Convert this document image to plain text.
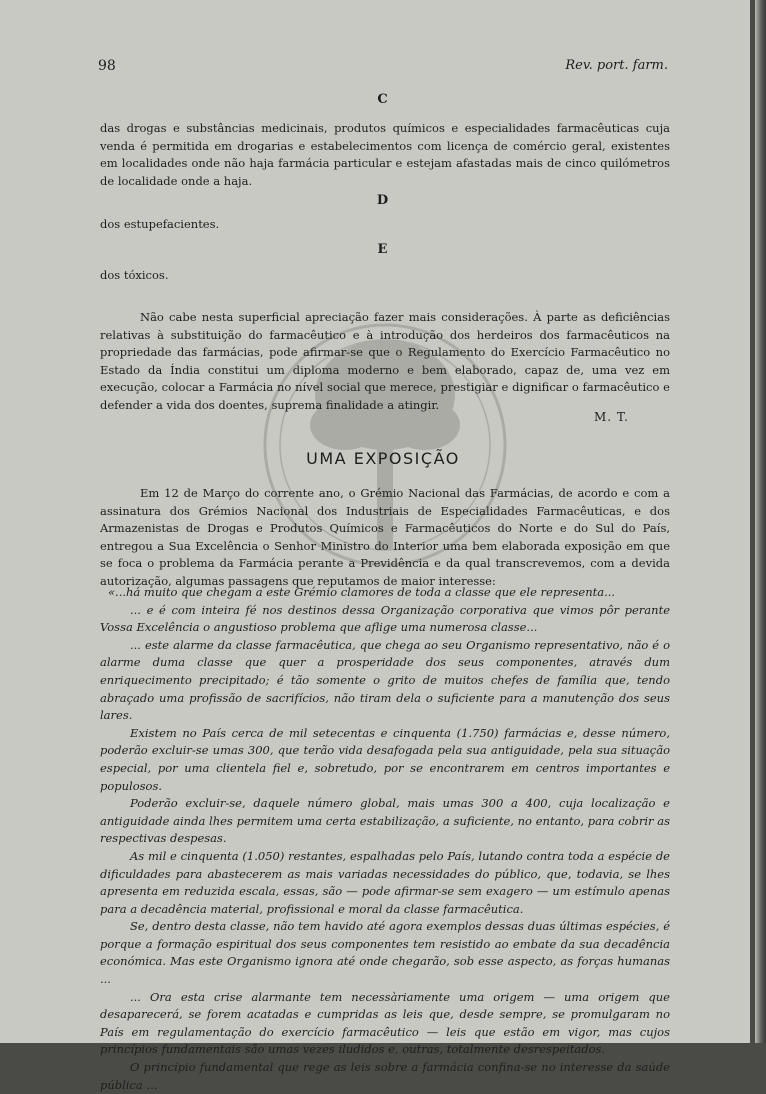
98	Rev. port. farm.
C
das drogas e substâncias medicinais, produtos químicos e especialidades farmacêuticas cuja venda é permitida em drogarias e estabelecimentos com licença de comércio geral, existentes em localidades onde não haja farmácia particular e estejam afastadas mais de cinco quilómetros de localidade onde a haja.
D
dos estupefacientes.
E
dos tóxicos.
Não cabe nesta superficial apreciação fazer mais considerações. À parte as deficiências relativas à substituição do farmacêutico e à introdução dos herdeiros dos farmacêuticos na propriedade das farmácias, pode afirmar-se que o Regulamento do Exercício Farmacêutico no Estado da Índia constitui um diploma moderno e bem elaborado, capaz de, uma vez em execução, colocar a Farmácia no nível social que merece, prestigiar e dignificar o farmacêutico e defender a vida dos doentes, suprema finalidade a atingir.
M. T.
UMA EXPOSIÇÃO
Em 12 de Março do corrente ano, o Grémio Nacional das Farmácias, de acordo e com a assinatura dos Grémios Nacional dos Industriais de Especialidades Farmacêuticas, e dos Armazenistas de Drogas e Produtos Químicos e Farmacêuticos do Norte e do Sul do País, entregou a Sua Excelência o Senhor Ministro do Interior uma bem elaborada exposição em que se foca o problema da Farmácia perante a Previdência e da qual transcrevemos, com a devida autorização, algumas passagens que reputamos de maior interesse:

«...há muito que chegam a este Grémio clamores de toda a classe que ele representa...

... e é com inteira fé nos destinos dessa Organização corporativa que vimos pôr perante Vossa Excelência o angustioso problema que aflige uma numerosa classe...

... este alarme da classe farmacêutica, que chega ao seu Organismo representativo, não é o alarme duma classe que quer a prosperidade dos seus componentes, através dum enriquecimento precipitado; é tão somente o grito de muitos chefes de família que, tendo abraçado uma profissão de sacrifícios, não tiram dela o suficiente para a manutenção dos seus lares.

Existem no País cerca de mil setecentas e cinquenta (1.750) farmácias e, desse número, poderão excluir-se umas 300, que terão vida desafogada pela sua antiguidade, pela sua situação especial, por uma clientela fiel e, sobretudo, por se encontrarem em centros importantes e populosos.

Poderão excluir-se, daquele número global, mais umas 300 a 400, cuja localização e antiguidade ainda lhes permitem uma certa estabilização, a suficiente, no entanto, para cobrir as respectivas despesas.

As mil e cinquenta (1.050) restantes, espalhadas pelo País, lutando contra toda a espécie de dificuldades para abastecerem as mais variadas necessidades do público, que, todavia, se lhes apresenta em reduzida escala, essas, são — pode afirmar-se sem exagero — um estímulo apenas para a decadência material, profissional e moral da classe farmacêutica.

Se, dentro desta classe, não tem havido até agora exemplos dessas duas últimas espécies, é porque a formação espiritual dos seus componentes tem resistido ao embate da sua decadência económica. Mas este Organismo ignora até onde chegarão, sob esse aspecto, as forças humanas ...

... Ora esta crise alarmante tem necessàriamente uma origem — uma origem que desaparecerá, se forem acatadas e cumpridas as leis que, desde sempre, se promulgaram no País em regulamentação do exercício farmacêutico — leis que estão em vigor, mas cujos princípios fundamentais são umas vezes iludidos e, outras, totalmente desrespeitados.

O princípio fundamental que rege as leis sobre a farmácia confina-se no interesse da saúde pública ...
